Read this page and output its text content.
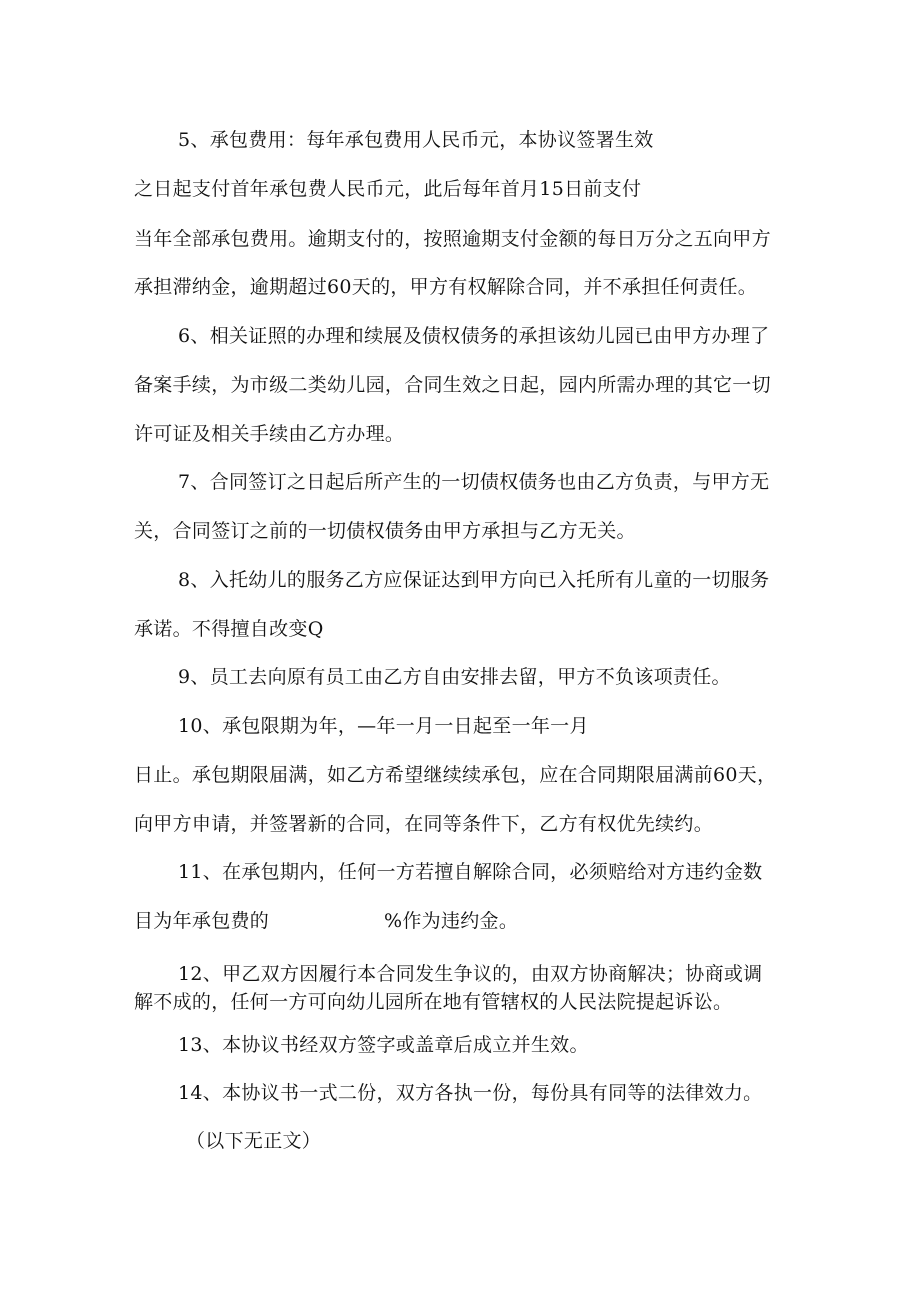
5、承包费用：每年承包费用人民币元，本协议签署生效

之日起支付首年承包费人民币元，此后每年首月15日前支付

当年全部承包费用。逾期支付的，按照逾期支付金额的每日万分之五向甲方

承担滞纳金，逾期超过60天的，甲方有权解除合同，并不承担任何责任。

6、相关证照的办理和续展及债权债务的承担该幼儿园已由甲方办理了

备案手续，为市级二类幼儿园，合同生效之日起，园内所需办理的其它一切

许可证及相关手续由乙方办理。

7、合同签订之日起后所产生的一切债权债务也由乙方负责，与甲方无

关，合同签订之前的一切债权债务由甲方承担与乙方无关。

8、入托幼儿的服务乙方应保证达到甲方向已入托所有儿童的一切服务

承诺。不得擅自改变Q

9、员工去向原有员工由乙方自由安排去留，甲方不负该项责任。

10、承包限期为年，—年一月一日起至一年一月

日止。承包期限届满，如乙方希望继续续承包，应在合同期限届满前60天，

向甲方申请，并签署新的合同，在同等条件下，乙方有权优先续约。

11、在承包期内，任何一方若擅自解除合同，必须赔给对方违约金数

目为年承包费的	%作为违约金。

12、甲乙双方因履行本合同发生争议的，由双方协商解决；协商或调

解不成的，任何一方可向幼儿园所在地有管辖权的人民法院提起诉讼。

13、本协议书经双方签字或盖章后成立并生效。

14、本协议书一式二份，双方各执一份，每份具有同等的法律效力。

（以下无正文）
